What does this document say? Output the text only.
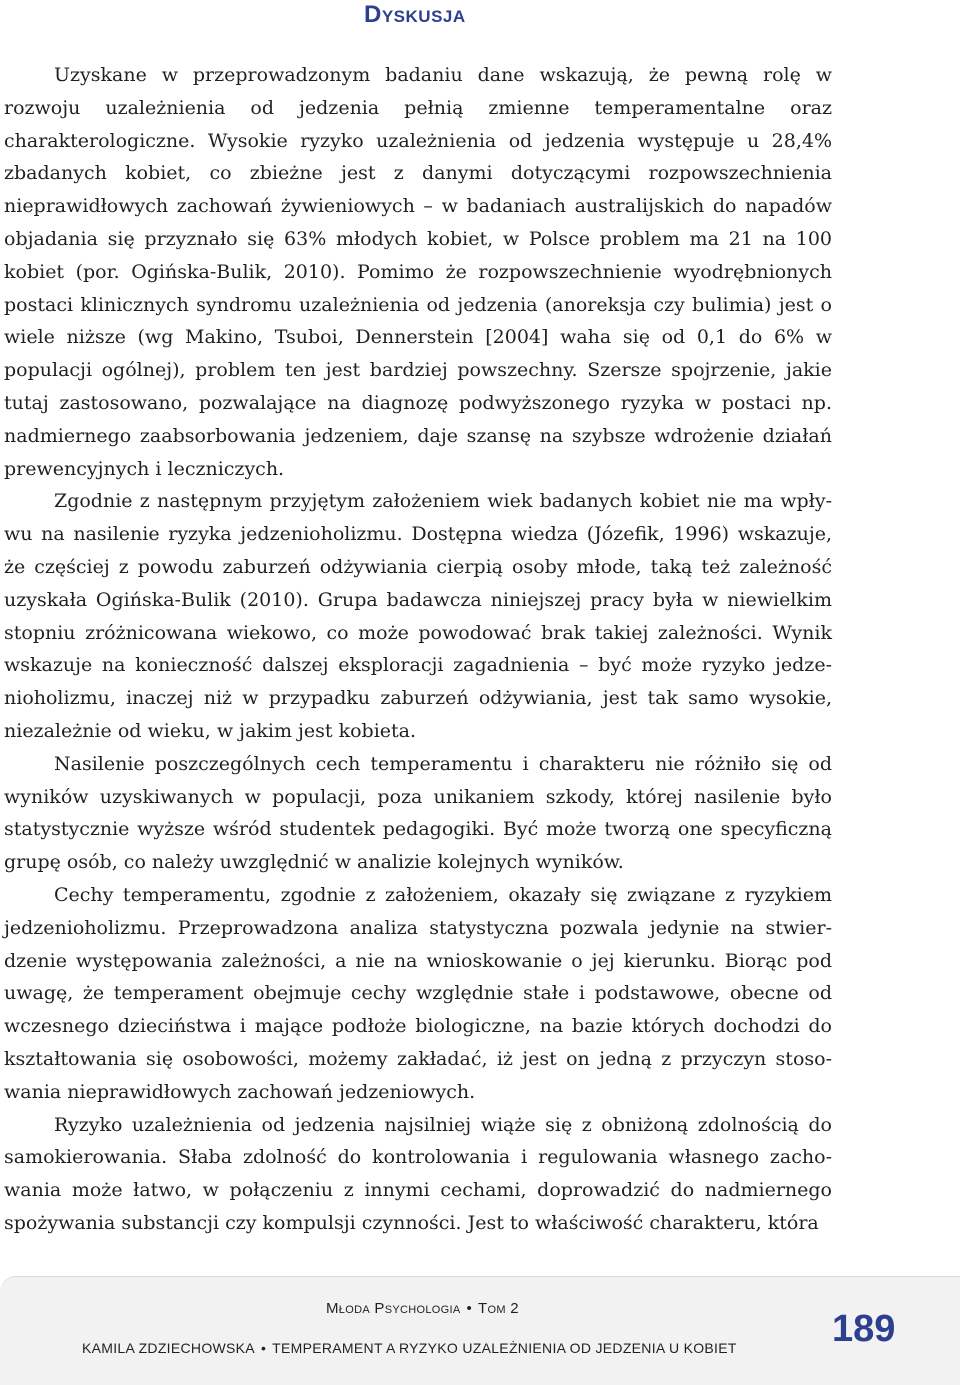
Dyskusja

Uzyskane w przeprowadzonym badaniu dane wskazują, że pewną rolę w rozwoju uzależnienia od jedzenia pełnią zmienne temperamentalne oraz charakterologiczne. Wysokie ryzyko uzależnienia od jedzenia występuje u 28,4% zbadanych kobiet, co zbieżne jest z danymi dotyczącymi rozpowszechnienia nieprawidłowych zachowań żywieniowych – w badaniach australijskich do napadów objadania się przyznało się 63% młodych kobiet, w Polsce problem ma 21 na 100 kobiet (por. Ogińska-Bulik, 2010). Pomimo że rozpowszechnienie wyodrębnionych postaci klinicznych syndromu uzależnienia od jedzenia (anoreksja czy bulimia) jest o wiele niższe (wg Makino, Tsuboi, Dennerstein [2004] waha się od 0,1 do 6% w populacji ogólnej), problem ten jest bardziej powszechny. Szersze spojrzenie, jakie tutaj zastosowano, pozwalające na diagnozę podwyższonego ryzyka w postaci np. nadmiernego zaabsorbowania jedzeniem, daje szansę na szybsze wdrożenie działań prewencyjnych i leczniczych.

Zgodnie z następnym przyjętym założeniem wiek badanych kobiet nie ma wpływu na nasilenie ryzyka jedzenioholizmu. Dostępna wiedza (Józefik, 1996) wskazuje, że częściej z powodu zaburzeń odżywiania cierpią osoby młode, taką też zależność uzyskała Ogińska-Bulik (2010). Grupa badawcza niniejszej pracy była w niewielkim stopniu zróżnicowana wiekowo, co może powodować brak takiej zależności. Wynik wskazuje na konieczność dalszej eksploracji zagadnienia – być może ryzyko jedzenioholizmu, inaczej niż w przypadku zaburzeń odżywiania, jest tak samo wysokie, niezależnie od wieku, w jakim jest kobieta.

Nasilenie poszczególnych cech temperamentu i charakteru nie różniło się od wyników uzyskiwanych w populacji, poza unikaniem szkody, której nasilenie było statystycznie wyższe wśród studentek pedagogiki. Być może tworzą one specyficzną grupę osób, co należy uwzględnić w analizie kolejnych wyników.

Cechy temperamentu, zgodnie z założeniem, okazały się związane z ryzykiem jedzenioholizmu. Przeprowadzona analiza statystyczna pozwala jedynie na stwierdzenie występowania zależności, a nie na wnioskowanie o jej kierunku. Biorąc pod uwagę, że temperament obejmuje cechy względnie stałe i podstawowe, obecne od wczesnego dzieciństwa i mające podłoże biologiczne, na bazie których dochodzi do kształtowania się osobowości, możemy zakładać, iż jest on jedną z przyczyn stosowania nieprawidłowych zachowań jedzeniowych.

Ryzyko uzależnienia od jedzenia najsilniej wiąże się z obniżoną zdolnością do samokierowania. Słaba zdolność do kontrolowania i regulowania własnego zachowania może łatwo, w połączeniu z innymi cechami, doprowadzić do nadmiernego spożywania substancji czy kompulsji czynności. Jest to właściwość charakteru, która

Młoda Psychologia • Tom 2
KAMILA ZDZIECHOWSKA • TEMPERAMENT A RYZYKO UZALEŻNIENIA OD JEDZENIA U KOBIET	189
